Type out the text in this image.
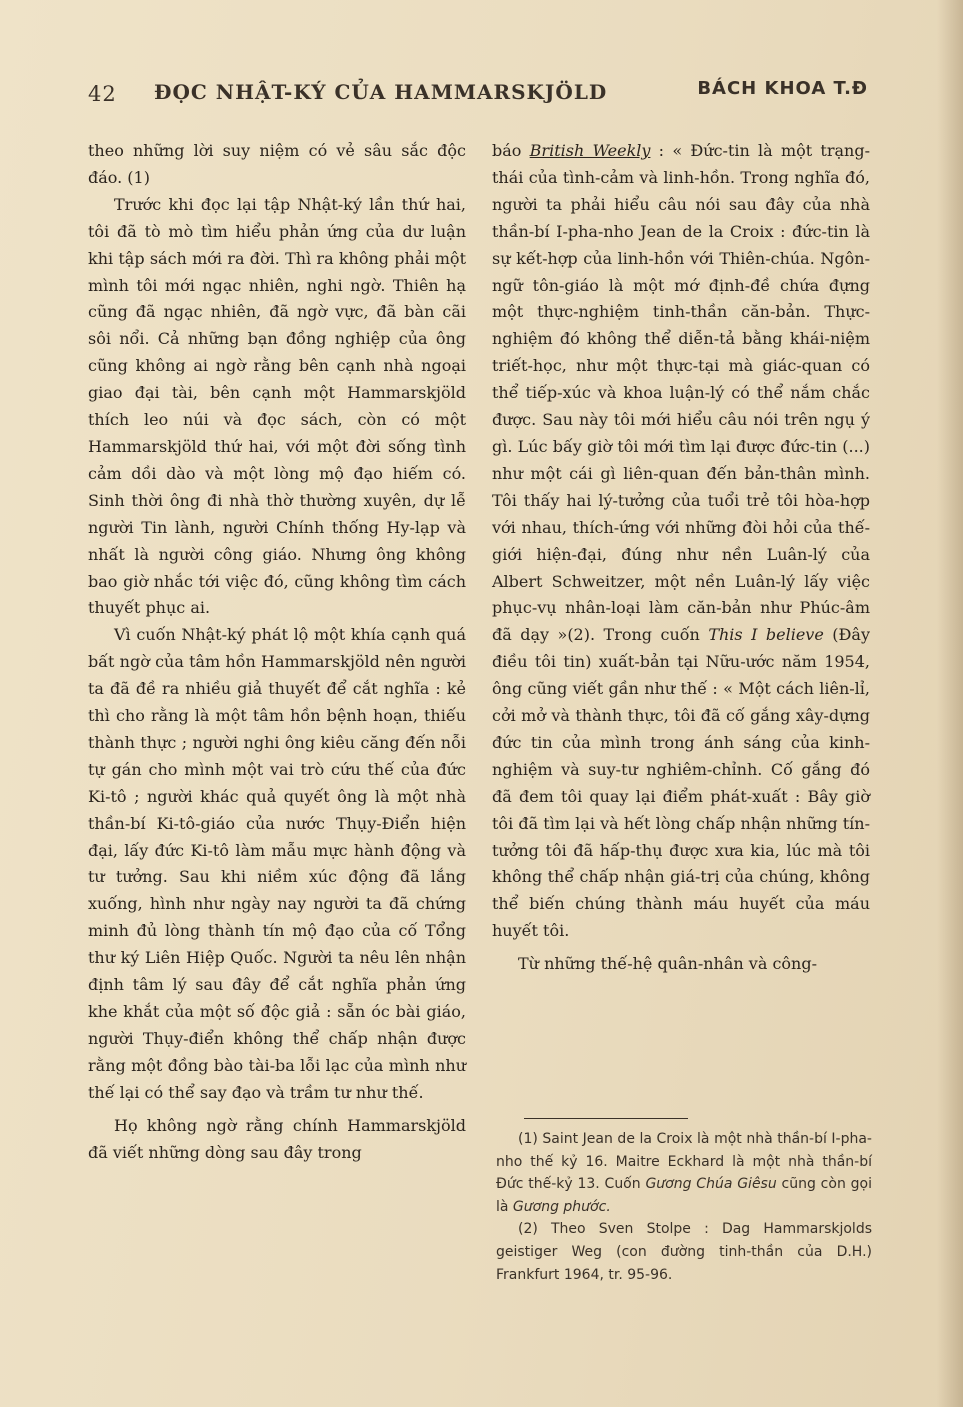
42 ĐỌC NHẬT-KÝ CỦA HAMMARSKJÖLD	BÁCH KHOA T.Đ

theo những lời suy niệm có vẻ sâu sắc độc đáo. (1)

Trước khi đọc lại tập Nhật-ký lần thứ hai, tôi đã tò mò tìm hiểu phản ứng của dư luận khi tập sách mới ra đời. Thì ra không phải một mình tôi mới ngạc nhiên, nghi ngờ. Thiên hạ cũng đã ngạc nhiên, đã ngờ vực, đã bàn cãi sôi nổi. Cả những bạn đồng nghiệp của ông cũng không ai ngờ rằng bên cạnh nhà ngoại giao đại tài, bên cạnh một Hammarskjöld thích leo núi và đọc sách, còn có một Hammarskjöld thứ hai, với một đời sống tình cảm dồi dào và một lòng mộ đạo hiếm có. Sinh thời ông đi nhà thờ thường xuyên, dự lễ người Tin lành, người Chính thống Hy-lạp và nhất là người công giáo. Nhưng ông không bao giờ nhắc tới việc đó, cũng không tìm cách thuyết phục ai.

Vì cuốn Nhật-ký phát lộ một khía cạnh quá bất ngờ của tâm hồn Hammarskjöld nên người ta đã đề ra nhiều giả thuyết để cắt nghĩa : kẻ thì cho rằng là một tâm hồn bệnh hoạn, thiếu thành thực ; người nghi ông kiêu căng đến nỗi tự gán cho mình một vai trò cứu thế của đức Ki-tô ; người khác quả quyết ông là một nhà thần-bí Ki-tô-giáo của nước Thụy-Điển hiện đại, lấy đức Ki-tô làm mẫu mực hành động và tư tưởng. Sau khi niềm xúc động đã lắng xuống, hình như ngày nay người ta đã chứng minh đủ lòng thành tín mộ đạo của cố Tổng thư ký Liên Hiệp Quốc. Người ta nêu lên nhận định tâm lý sau đây để cắt nghĩa phản ứng khe khắt của một số độc giả : sẵn óc bài giáo, người Thụy-điển không thể chấp nhận được rằng một đồng bào tài-ba lỗi lạc của mình như thế lại có thể say đạo và trầm tư như thế.

Họ không ngờ rằng chính Hammarskjöld đã viết những dòng sau đây trong

báo British Weekly : « Đức-tin là một trạng-thái của tình-cảm và linh-hồn. Trong nghĩa đó, người ta phải hiểu câu nói sau đây của nhà thần-bí I-pha-nho Jean de la Croix : đức-tin là sự kết-hợp của linh-hồn với Thiên-chúa. Ngôn-ngữ tôn-giáo là một mớ định-đề chứa đựng một thực-nghiệm tinh-thần căn-bản. Thực-nghiệm đó không thể diễn-tả bằng khái-niệm triết-học, như một thực-tại mà giác-quan có thể tiếp-xúc và khoa luận-lý có thể nắm chắc được. Sau này tôi mới hiểu câu nói trên ngụ ý gì. Lúc bấy giờ tôi mới tìm lại được đức-tin (...) như một cái gì liên-quan đến bản-thân mình. Tôi thấy hai lý-tưởng của tuổi trẻ tôi hòa-hợp với nhau, thích-ứng với những đòi hỏi của thế-giới hiện-đại, đúng như nền Luân-lý của Albert Schweitzer, một nền Luân-lý lấy việc phục-vụ nhân-loại làm căn-bản như Phúc-âm đã dạy »(2). Trong cuốn This I believe (Đây điều tôi tin) xuất-bản tại Nữu-ước năm 1954, ông cũng viết gần như thế : « Một cách liên-lỉ, cởi mở và thành thực, tôi đã cố gắng xây-dựng đức tin của mình trong ánh sáng của kinh-nghiệm và suy-tư nghiêm-chỉnh. Cố gắng đó đã đem tôi quay lại điểm phát-xuất : Bây giờ tôi đã tìm lại và hết lòng chấp nhận những tín-tưởng tôi đã hấp-thụ được xưa kia, lúc mà tôi không thể chấp nhận giá-trị của chúng, không thể biến chúng thành máu huyết của máu huyết tôi.

Từ những thế-hệ quân-nhân và công-

(1) Saint Jean de la Croix là một nhà thần-bí I-pha-nho thế kỷ 16. Maitre Eckhard là một nhà thần-bí Đức thế-kỷ 13. Cuốn Gương Chúa Giêsu cũng còn gọi là Gương phước.

(2) Theo Sven Stolpe : Dag Hammarskjolds geistiger Weg (con đường tinh-thần của D.H.) Frankfurt 1964, tr. 95-96.
